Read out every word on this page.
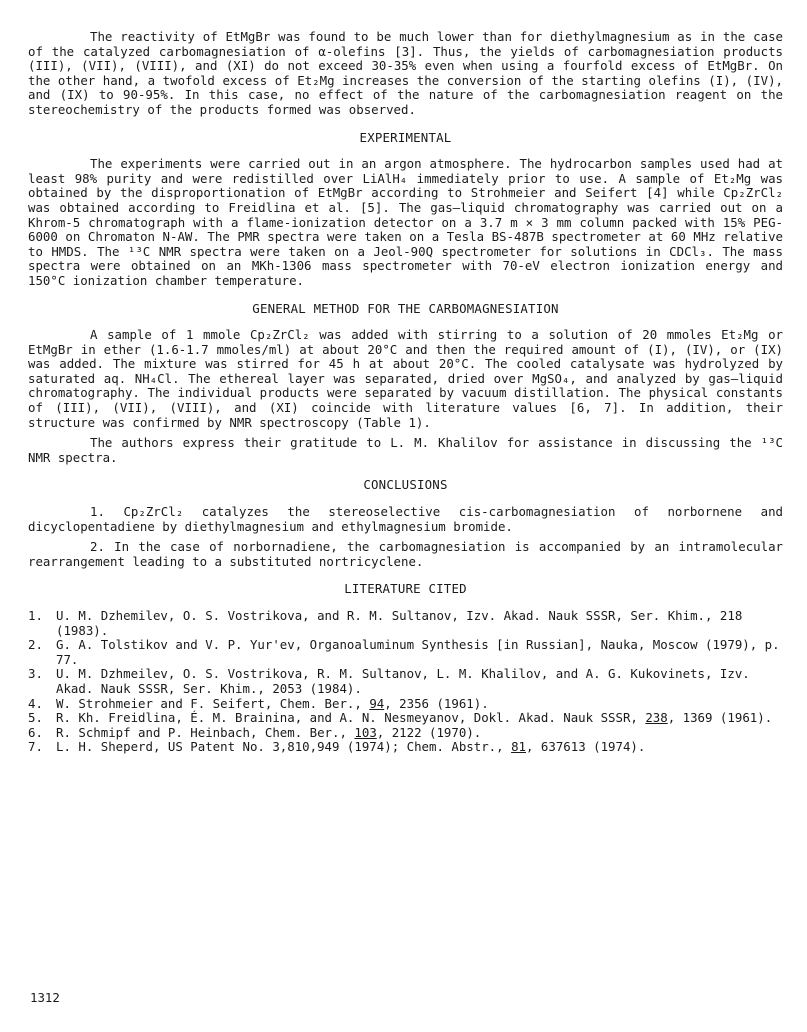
The reactivity of EtMgBr was found to be much lower than for diethylmagnesium as in the case of the catalyzed carbomagnesiation of α-olefins [3]. Thus, the yields of carbomagnesiation products (III), (VII), (VIII), and (XI) do not exceed 30-35% even when using a fourfold excess of EtMgBr. On the other hand, a twofold excess of Et₂Mg increases the conversion of the starting olefins (I), (IV), and (IX) to 90-95%. In this case, no effect of the nature of the carbomagnesiation reagent on the stereochemistry of the products formed was observed.

EXPERIMENTAL

The experiments were carried out in an argon atmosphere. The hydrocarbon samples used had at least 98% purity and were redistilled over LiAlH₄ immediately prior to use. A sample of Et₂Mg was obtained by the disproportionation of EtMgBr according to Strohmeier and Seifert [4] while Cp₂ZrCl₂ was obtained according to Freidlina et al. [5]. The gas–liquid chromatography was carried out on a Khrom-5 chromatograph with a flame-ionization detector on a 3.7 m × 3 mm column packed with 15% PEG-6000 on Chromaton N-AW. The PMR spectra were taken on a Tesla BS-487B spectrometer at 60 MHz relative to HMDS. The ¹³C NMR spectra were taken on a Jeol-90Q spectrometer for solutions in CDCl₃. The mass spectra were obtained on an MKh-1306 mass spectrometer with 70-eV electron ionization energy and 150°C ionization chamber temperature.

GENERAL METHOD FOR THE CARBOMAGNESIATION

A sample of 1 mmole Cp₂ZrCl₂ was added with stirring to a solution of 20 mmoles Et₂Mg or EtMgBr in ether (1.6-1.7 mmoles/ml) at about 20°C and then the required amount of (I), (IV), or (IX) was added. The mixture was stirred for 45 h at about 20°C. The cooled catalysate was hydrolyzed by saturated aq. NH₄Cl. The ethereal layer was separated, dried over MgSO₄, and analyzed by gas–liquid chromatography. The individual products were separated by vacuum distillation. The physical constants of (III), (VII), (VIII), and (XI) coincide with literature values [6, 7]. In addition, their structure was confirmed by NMR spectroscopy (Table 1).

The authors express their gratitude to L. M. Khalilov for assistance in discussing the ¹³C NMR spectra.

CONCLUSIONS

1. Cp₂ZrCl₂ catalyzes the stereoselective cis-carbomagnesiation of norbornene and dicyclopentadiene by diethylmagnesium and ethylmagnesium bromide.

2. In the case of norbornadiene, the carbomagnesiation is accompanied by an intramolecular rearrangement leading to a substituted nortricyclene.

LITERATURE CITED
1.	U. M. Dzhemilev, O. S. Vostrikova, and R. M. Sultanov, Izv. Akad. Nauk SSSR, Ser. Khim., 218 (1983).
2.	G. A. Tolstikov and V. P. Yur'ev, Organoaluminum Synthesis [in Russian], Nauka, Moscow (1979), p. 77.
3.	U. M. Dzhmeilev, O. S. Vostrikova, R. M. Sultanov, L. M. Khalilov, and A. G. Kukovinets, Izv. Akad. Nauk SSSR, Ser. Khim., 2053 (1984).
4.	W. Strohmeier and F. Seifert, Chem. Ber., 94, 2356 (1961).
5.	R. Kh. Freidlina, É. M. Brainina, and A. N. Nesmeyanov, Dokl. Akad. Nauk SSSR, 238, 1369 (1961).
6.	R. Schmipf and P. Heinbach, Chem. Ber., 103, 2122 (1970).
7.	L. H. Sheperd, US Patent No. 3,810,949 (1974); Chem. Abstr., 81, 637613 (1974).
1312
